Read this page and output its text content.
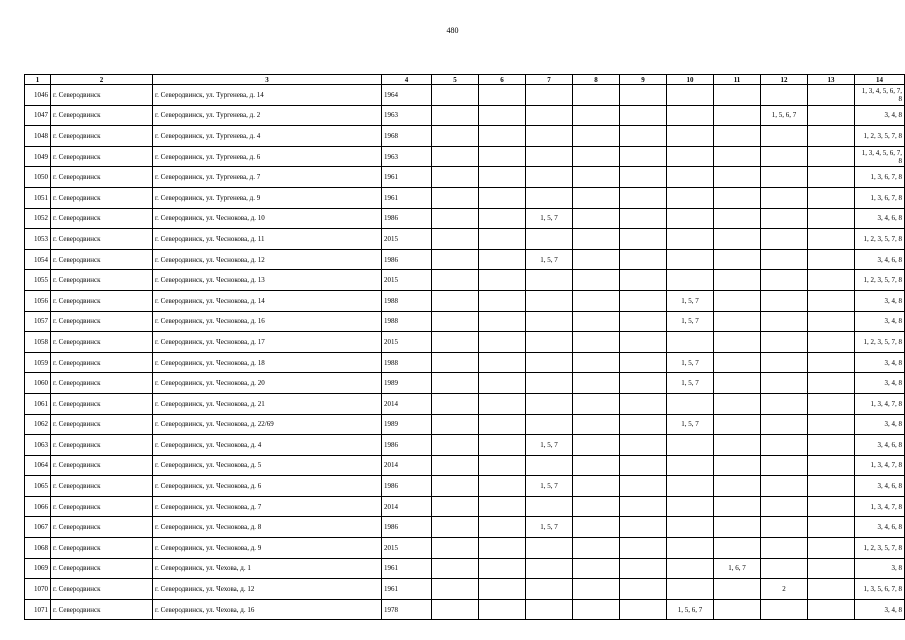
480
1	2	3	4	5	6	7	8	9	10	11	12	13	14
1046	г. Северодвинск	г. Северодвинск, ул. Тургенева, д. 14	1964										1, 3, 4, 5, 6, 7, 8
1047	г. Северодвинск	г. Северодвинск, ул. Тургенева, д. 2	1963								1, 5, 6, 7		3, 4, 8
1048	г. Северодвинск	г. Северодвинск, ул. Тургенева, д. 4	1968										1, 2, 3, 5, 7, 8
1049	г. Северодвинск	г. Северодвинск, ул. Тургенева, д. 6	1963										1, 3, 4, 5, 6, 7, 8
1050	г. Северодвинск	г. Северодвинск, ул. Тургенева, д. 7	1961										1, 3, 6, 7, 8
1051	г. Северодвинск	г. Северодвинск, ул. Тургенева, д. 9	1961										1, 3, 6, 7, 8
1052	г. Северодвинск	г. Северодвинск, ул. Чеснокова, д. 10	1986			1, 5, 7							3, 4, 6, 8
1053	г. Северодвинск	г. Северодвинск, ул. Чеснокова, д. 11	2015										1, 2, 3, 5, 7, 8
1054	г. Северодвинск	г. Северодвинск, ул. Чеснокова, д. 12	1986			1, 5, 7							3, 4, 6, 8
1055	г. Северодвинск	г. Северодвинск, ул. Чеснокова, д. 13	2015										1, 2, 3, 5, 7, 8
1056	г. Северодвинск	г. Северодвинск, ул. Чеснокова, д. 14	1988						1, 5, 7				3, 4, 8
1057	г. Северодвинск	г. Северодвинск, ул. Чеснокова, д. 16	1988						1, 5, 7				3, 4, 8
1058	г. Северодвинск	г. Северодвинск, ул. Чеснокова, д. 17	2015										1, 2, 3, 5, 7, 8
1059	г. Северодвинск	г. Северодвинск, ул. Чеснокова, д. 18	1988						1, 5, 7				3, 4, 8
1060	г. Северодвинск	г. Северодвинск, ул. Чеснокова, д. 20	1989						1, 5, 7				3, 4, 8
1061	г. Северодвинск	г. Северодвинск, ул. Чеснокова, д. 21	2014										1, 3, 4, 7, 8
1062	г. Северодвинск	г. Северодвинск, ул. Чеснокова, д. 22/69	1989						1, 5, 7				3, 4, 8
1063	г. Северодвинск	г. Северодвинск, ул. Чеснокова, д. 4	1986			1, 5, 7							3, 4, 6, 8
1064	г. Северодвинск	г. Северодвинск, ул. Чеснокова, д. 5	2014										1, 3, 4, 7, 8
1065	г. Северодвинск	г. Северодвинск, ул. Чеснокова, д. 6	1986			1, 5, 7							3, 4, 6, 8
1066	г. Северодвинск	г. Северодвинск, ул. Чеснокова, д. 7	2014										1, 3, 4, 7, 8
1067	г. Северодвинск	г. Северодвинск, ул. Чеснокова, д. 8	1986			1, 5, 7							3, 4, 6, 8
1068	г. Северодвинск	г. Северодвинск, ул. Чеснокова, д. 9	2015										1, 2, 3, 5, 7, 8
1069	г. Северодвинск	г. Северодвинск, ул. Чехова, д. 1	1961							1, 6, 7			3, 8
1070	г. Северодвинск	г. Северодвинск, ул. Чехова, д. 12	1961								2		1, 3, 5, 6, 7, 8
1071	г. Северодвинск	г. Северодвинск, ул. Чехова, д. 16	1978						1, 5, 6, 7				3, 4, 8
